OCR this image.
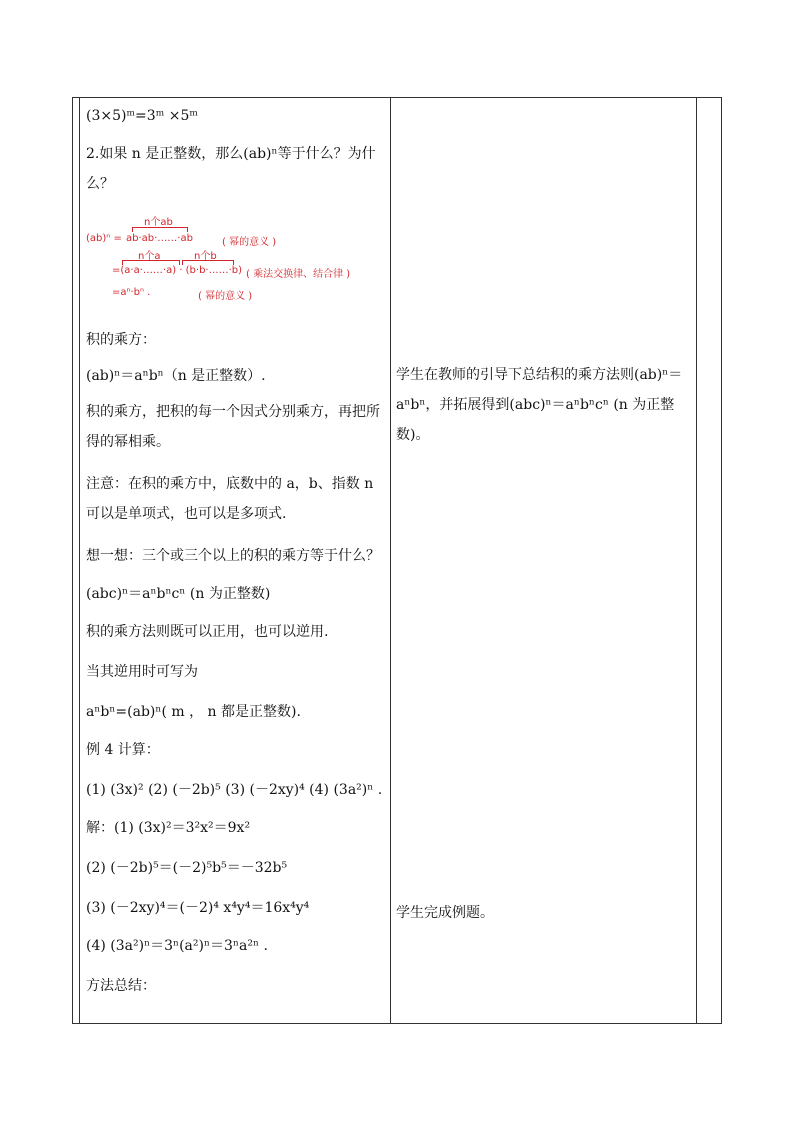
(3×5)ᵐ=3ᵐ ×5ᵐ
2.如果 n 是正整数，那么(ab)ⁿ等于什么？为什么？
n个ab
(ab)ⁿ = ab·ab·……·ab	( 幂的意义 )
n个a	n个b
=(a·a·……·a) · (b·b·……·b) ( 乘法交换律、结合律 )
=aⁿ·bⁿ .	( 幂的意义 )
积的乘方：
(ab)ⁿ＝aⁿbⁿ（n 是正整数）.
积的乘方，把积的每一个因式分别乘方，再把所得的幂相乘。
注意：在积的乘方中，底数中的 a，b、指数 n 可以是单项式，也可以是多项式.
想一想：三个或三个以上的积的乘方等于什么？
(abc)ⁿ＝aⁿbⁿcⁿ (n 为正整数)
积的乘方法则既可以正用，也可以逆用.
当其逆用时可写为
aⁿbⁿ=(ab)ⁿ( m ， n 都是正整数).
例 4 计算：
(1) (3x)² (2) (－2b)⁵ (3) (－2xy)⁴ (4) (3a²)ⁿ .
解：(1) (3x)²＝3²x²＝9x²
(2) (－2b)⁵＝(－2)⁵b⁵＝－32b⁵
(3) (－2xy)⁴＝(－2)⁴ x⁴y⁴＝16x⁴y⁴
(4) (3a²)ⁿ＝3ⁿ(a²)ⁿ＝3ⁿa²ⁿ .
方法总结：
学生在教师的引导下总结积的乘方法则(ab)ⁿ＝aⁿbⁿ，并拓展得到(abc)ⁿ＝aⁿbⁿcⁿ (n 为正整数)。
学生完成例题。
